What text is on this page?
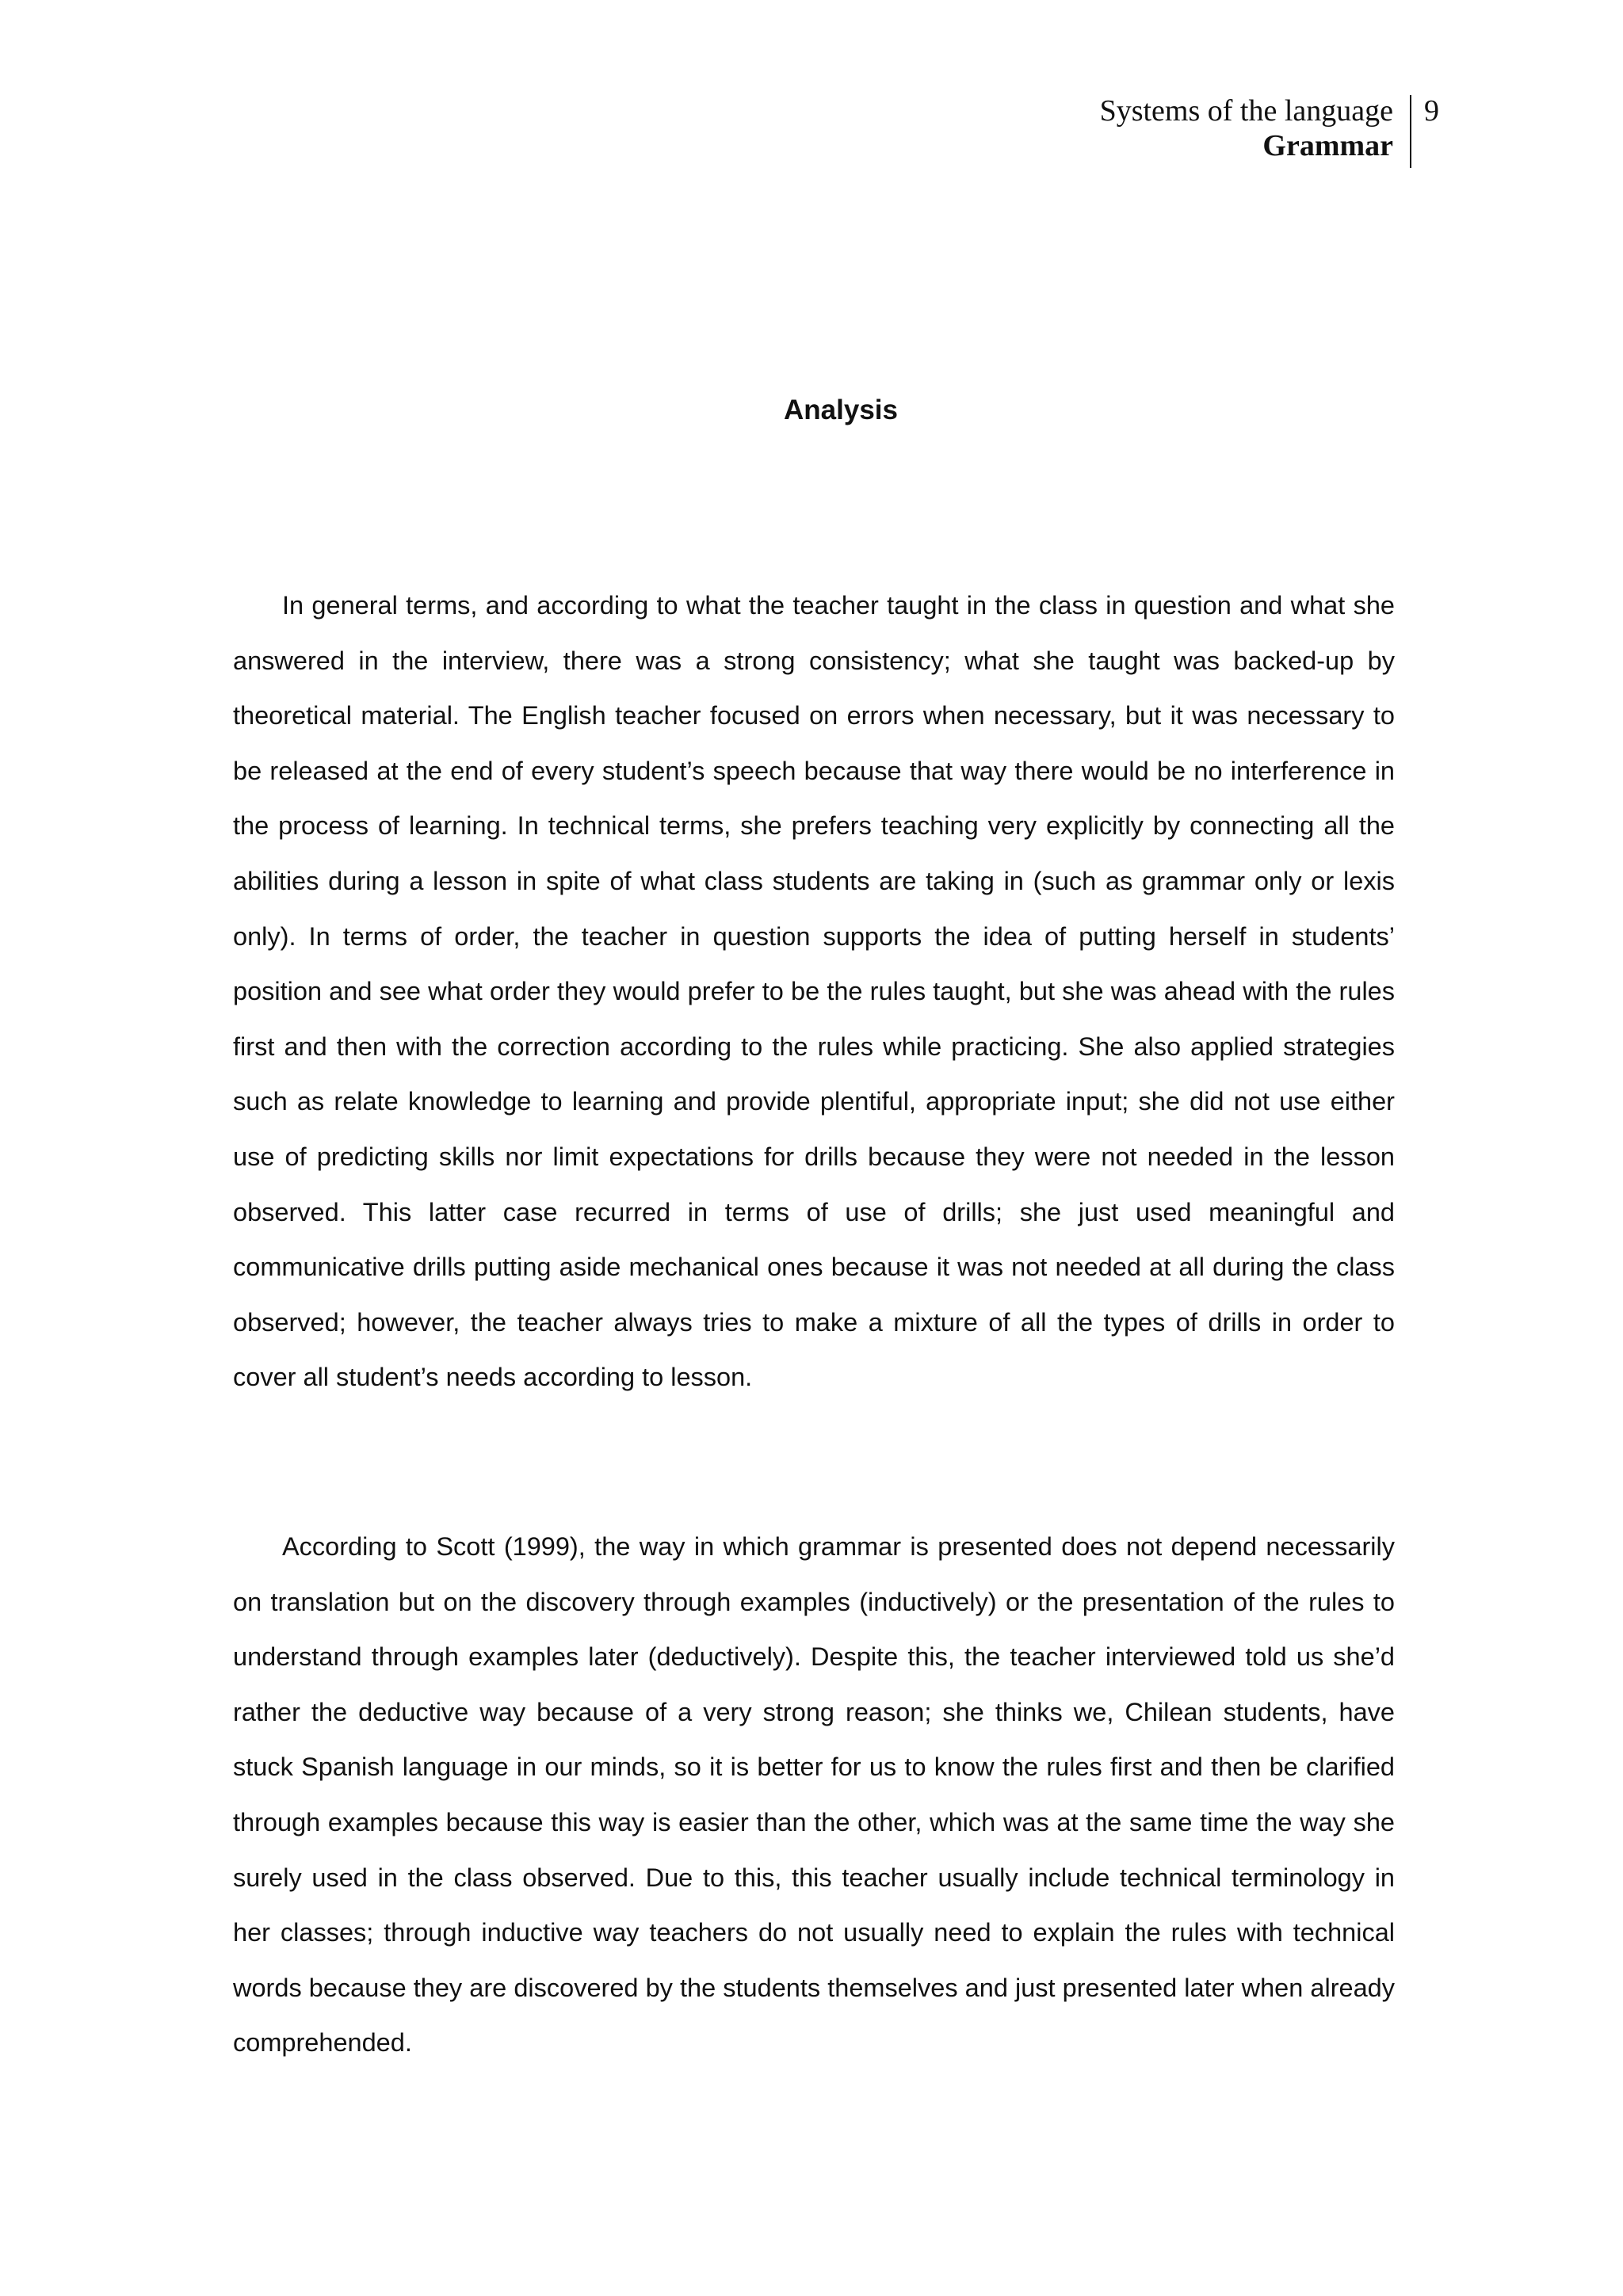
Systems of the language
Grammar
9
Analysis

In general terms, and according to what the teacher taught in the class in question and what she answered in the interview, there was a strong consistency; what she taught was backed-up by theoretical material. The English teacher focused on errors when necessary, but it was necessary to be released at the end of every student’s speech because that way there would be no interference in the process of learning. In technical terms, she prefers teaching very explicitly by connecting all the abilities during a lesson in spite of what class students are taking in (such as grammar only or lexis only). In terms of order, the teacher in question supports the idea of putting herself in students’ position and see what order they would prefer to be the rules taught, but she was ahead with the rules first and then with the correction according to the rules while practicing. She also applied strategies such as relate knowledge to learning and provide plentiful, appropriate input; she did not use either use of predicting skills nor limit expectations for drills because they were not needed in the lesson observed. This latter case recurred in terms of use of drills; she just used meaningful and communicative drills putting aside mechanical ones because it was not needed at all during the class observed; however, the teacher always tries to make a mixture of all the types of drills in order to cover all student’s needs according to lesson.

According to Scott (1999), the way in which grammar is presented does not depend necessarily on translation but on the discovery through examples (inductively) or the presentation of the rules to understand through examples later (deductively). Despite this, the teacher interviewed told us she’d rather the deductive way because of a very strong reason; she thinks we, Chilean students, have stuck Spanish language in our minds, so it is better for us to know the rules first and then be clarified through examples because this way is easier than the other, which was at the same time the way she surely used in the class observed. Due to this, this teacher usually include technical terminology in her classes; through inductive way teachers do not usually need to explain the rules with technical words because they are discovered by the students themselves and just presented later when already comprehended.
